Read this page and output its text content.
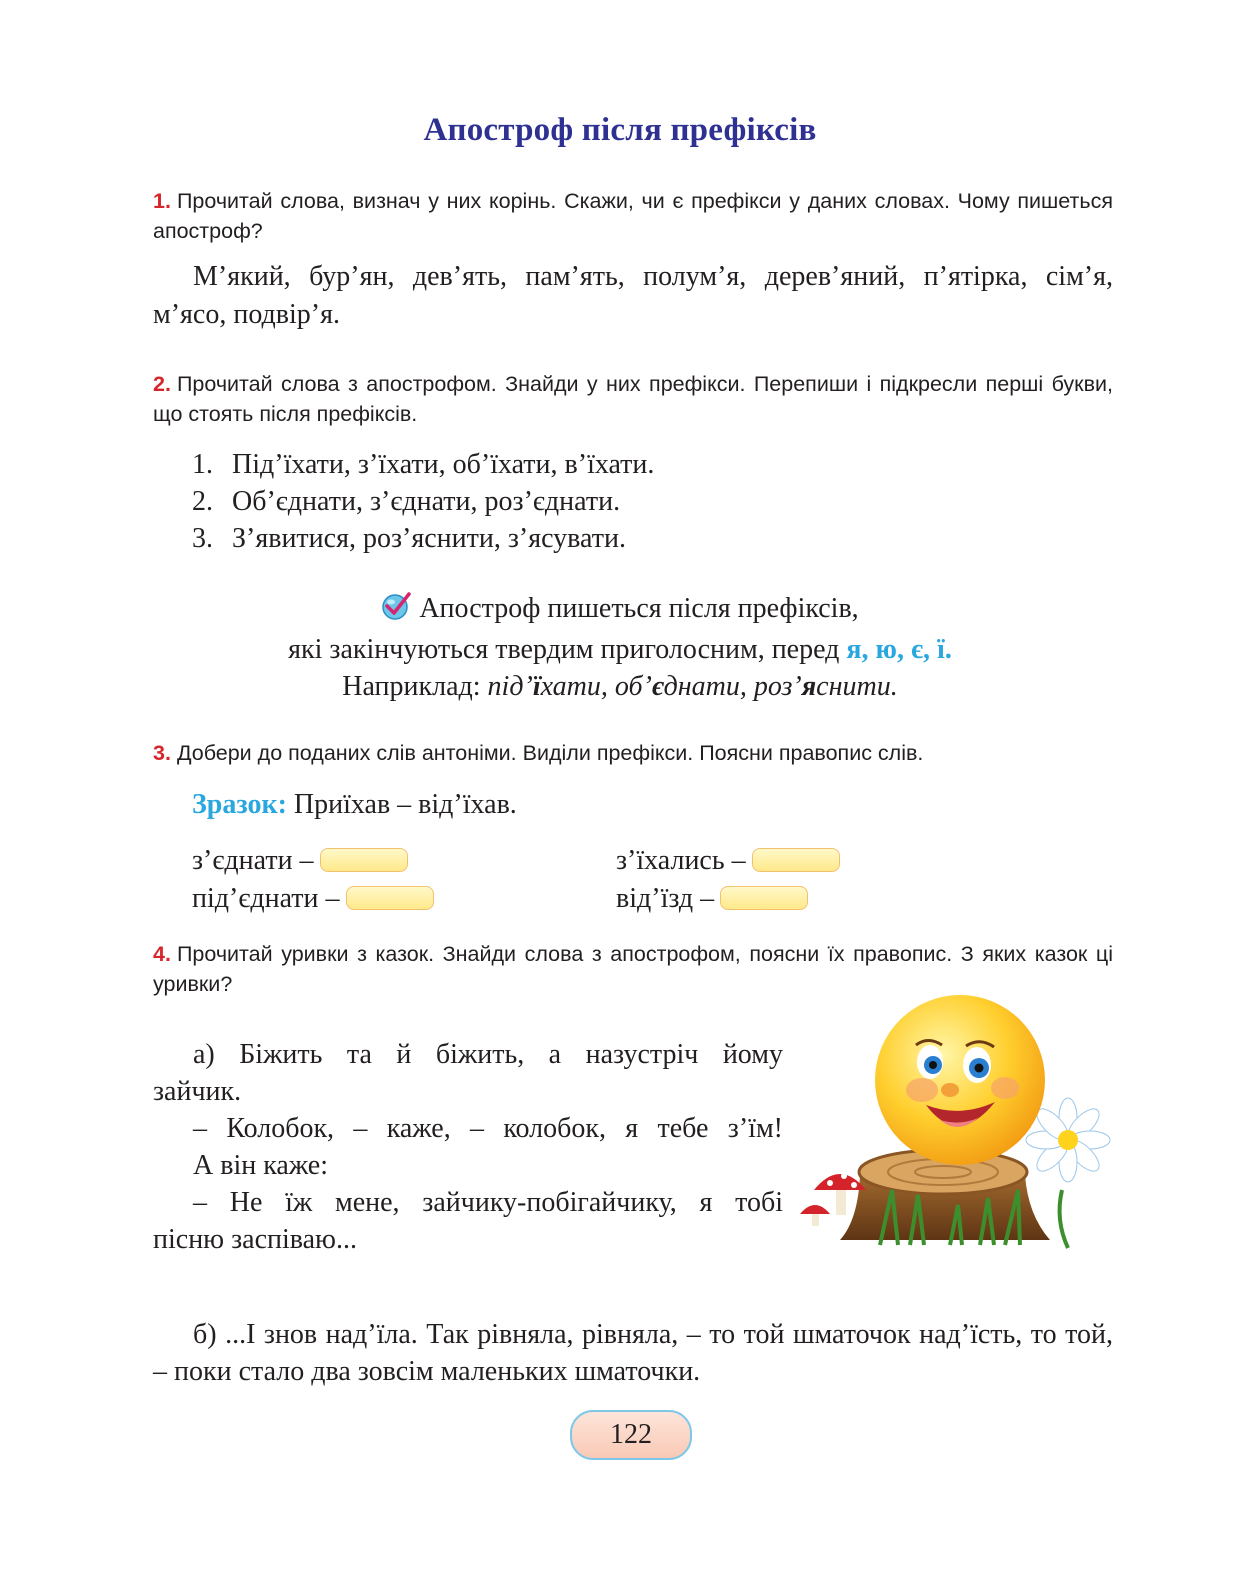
Апостроф після префіксів
1. Прочитай слова, визнач у них корінь. Скажи, чи є префікси у даних словах. Чому пишеться апостроф?
М’який, бур’ян, дев’ять, пам’ять, полум’я, дерев’яний, п’ятірка, сім’я, м’ясо, подвір’я.
2. Прочитай слова з апострофом. Знайди у них префікси. Перепиши і підкресли перші букви, що стоять після префіксів.
1. Під’їхати, з’їхати, об’їхати, в’їхати.
2. Об’єднати, з’єднати, роз’єднати.
3. З’явитися, роз’яснити, з’ясувати.
Апостроф пишеться після префіксів,
які закінчуються твердим приголосним, перед я, ю, є, ї.
Наприклад: під’їхати, об’єднати, роз’яснити.
3. Добери до поданих слів антоніми. Виділи префікси. Поясни правопис слів.
Зразок: Приїхав – від’їхав.
з’єднати –
під’єднати –
з’їхались –
від’їзд –
4. Прочитай уривки з казок. Знайди слова з апострофом, поясни їх правопис. З яких казок ці уривки?
а) Біжить та й біжить, а назустріч йому
зайчик.
– Колобок, – каже, – колобок, я тебе з’їм!
А він каже:
– Не їж мене, зайчику-побігайчику, я тобі
пісню заспіваю...
б) ...І знов над’їла. Так рівняла, рівняла, – то той шматочок над’їсть, то той, – поки стало два зовсім маленьких шматочки.
122
